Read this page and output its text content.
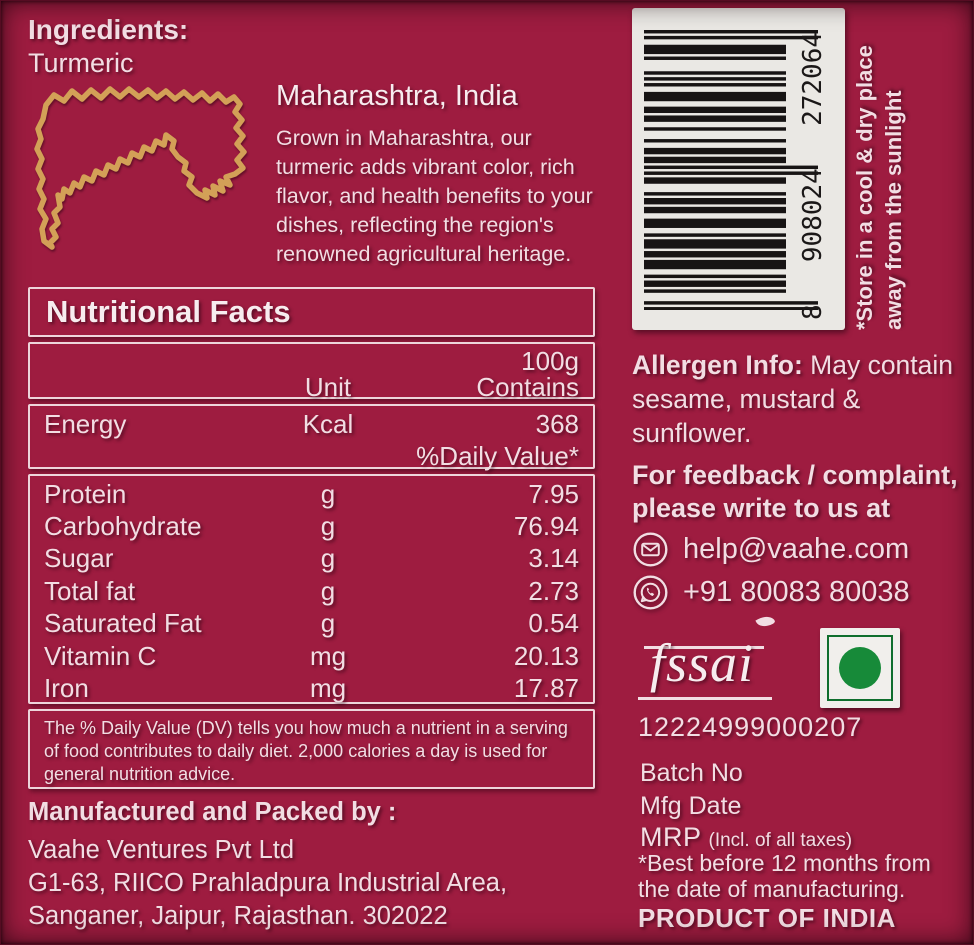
Ingredients:
Turmeric
Maharashtra, India
Grown in Maharashtra, our turmeric adds vibrant color, rich flavor, and health benefits to your dishes, reflecting the region's renowned agricultural heritage.
Nutritional Facts
100g
Unit	Contains
Energy	Kcal	368
%Daily Value*
Protein	g	7.95
Carbohydrate	g	76.94
Sugar	g	3.14
Total fat	g	2.73
Saturated Fat	g	0.54
Vitamin C	mg	20.13
Iron	mg	17.87
The % Daily Value (DV) tells you how much a nutrient in a serving
of food contributes to daily diet. 2,000 calories a day is used for
general nutrition advice.
Manufactured and Packed by :
Vaahe Ventures Pvt Ltd
G1-63, RIICO Prahladpura Industrial Area,
Sanganer, Jaipur, Rajasthan. 302022
8
908024
272064 *Store in a cool & dry place away from the sunlight
Allergen Info: May contain sesame, mustard & sunflower.
For feedback / complaint,
please write to us at
help@vaahe.com
+91 80083 80038
fssai
12224999000207
Batch No
Mfg Date
MRP (Incl. of all taxes)
*Best before 12 months from
the date of manufacturing.
PRODUCT OF INDIA
